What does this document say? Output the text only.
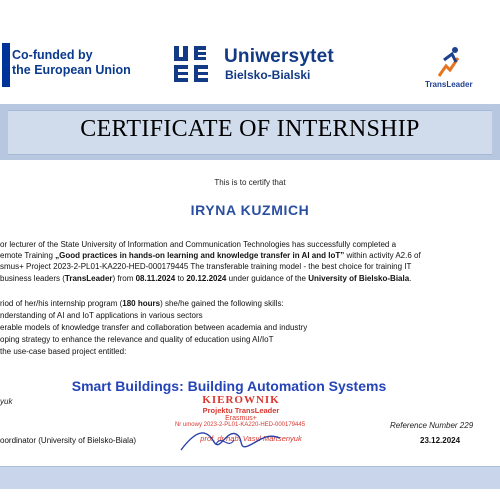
Co-funded by
the European Union
Uniwersytet
Bielsko-Bialski
TransLeader
CERTIFICATE OF INTERNSHIP
This is to certify that
IRYNA KUZMICH
or lecturer of the State University of Information and Communication Technologies has successfully completed a
emote Training „Good practices in hands-on learning and knowledge transfer in AI and IoT” within activity A2.6 of
smus+ Project 2023-2-PL01-KA220-HED-000179445 The transferable training model - the best choice for training IT
business leaders (TransLeader) from 08.11.2024 to 20.12.2024 under guidance of the University of Bielsko-Biala.
riod of her/his internship program (180 hours) she/he gained the following skills:
nderstanding of AI and IoT applications in various sectors
erable models of knowledge transfer and collaboration between academia and industry
oping strategy to enhance the relevance and quality of education using AI/IoT
the use-case based project entitled:
Smart Buildings: Building Automation Systems
KIEROWNIK
Projektu TransLeader
Erasmus+
Nr umowy 2023-2-PL01-KA220-HED-000179445
prof. dr hab. Vasyl Martsenyuk
yuk
oordinator (University of Bielsko-Biala)
Reference Number 229
23.12.2024
